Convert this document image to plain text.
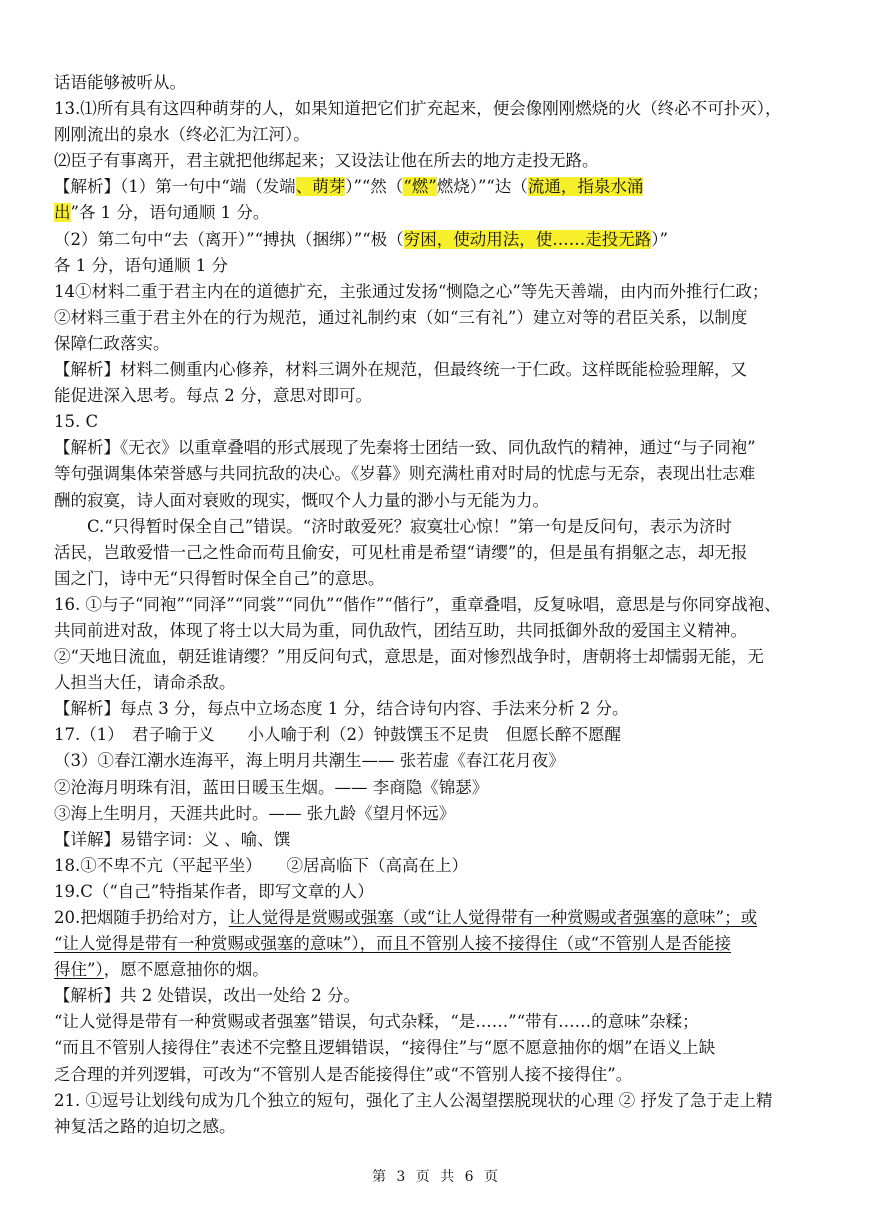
话语能够被听从。

13.⑴所有具有这四种萌芽的人，如果知道把它们扩充起来，便会像刚刚燃烧的火（终必不可扑灭），

刚刚流出的泉水（终必汇为江河）。

⑵臣子有事离开，君主就把他绑起来；又设法让他在所去的地方走投无路。

【解析】（1）第一句中“端（发端、萌芽）”“然（“燃”燃烧）”“达（流通，指泉水涌

出”各 1 分，语句通顺 1 分。

（2）第二句中“去（离开）”“搏执（捆绑）”“极（穷困，使动用法，使……走投无路）”

各 1 分，语句通顺 1 分

14①材料二重于君主内在的道德扩充，主张通过发扬“恻隐之心”等先天善端，由内而外推行仁政；

②材料三重于君主外在的行为规范，通过礼制约束（如“三有礼”）建立对等的君臣关系，以制度

保障仁政落实。

【解析】材料二侧重内心修养，材料三调外在规范，但最终统一于仁政。这样既能检验理解，又

能促进深入思考。每点 2 分，意思对即可。

15. C

【解析】《无衣》以重章叠唱的形式展现了先秦将士团结一致、同仇敌忾的精神，通过“与子同袍”

等句强调集体荣誉感与共同抗敌的决心。《岁暮》则充满杜甫对时局的忧虑与无奈，表现出壮志难

酬的寂寞，诗人面对衰败的现实，慨叹个人力量的渺小与无能为力。

C.“只得暂时保全自己”错误。“济时敢爱死？寂寞壮心惊！”第一句是反问句，表示为济时

活民，岂敢爱惜一己之性命而苟且偷安，可见杜甫是希望“请缨”的，但是虽有捐躯之志，却无报

国之门，诗中无“只得暂时保全自己”的意思。

16. ①与子“同袍”“同泽”“同裳”“同仇”“偕作”“偕行”，重章叠唱，反复咏唱，意思是与你同穿战袍、

共同前进对敌，体现了将士以大局为重，同仇敌忾，团结互助，共同抵御外敌的爱国主义精神。

②“天地日流血，朝廷谁请缨？”用反问句式，意思是，面对惨烈战争时，唐朝将士却懦弱无能，无

人担当大任，请命杀敌。

【解析】每点 3 分，每点中立场态度 1 分，结合诗句内容、手法来分析 2 分。

17.（1）　君子喻于义　　小人喻于利（2）钟鼓馔玉不足贵　但愿长醉不愿醒

（3）①春江潮水连海平，海上明月共潮生—— 张若虚《春江花月夜》

②沧海月明珠有泪，蓝田日暖玉生烟。—— 李商隐《锦瑟》

③海上生明月，天涯共此时。—— 张九龄《望月怀远》

【详解】易错字词：义 、喻、馔

18.①不卑不亢（平起平坐）　　②居高临下（高高在上）

19.C（“自己”特指某作者，即写文章的人）

20.把烟随手扔给对方，让人觉得是赏赐或强塞（或“让人觉得带有一种赏赐或者强塞的意味”；或

“让人觉得是带有一种赏赐或强塞的意味”），而且不管别人接不接得住（或“不管别人是否能接

得住”），愿不愿意抽你的烟。

【解析】共 2 处错误，改出一处给 2 分。

“让人觉得是带有一种赏赐或者强塞”错误，句式杂糅，“是……”“带有……的意味”杂糅；

“而且不管别人接得住”表述不完整且逻辑错误，“接得住”与“愿不愿意抽你的烟”在语义上缺

乏合理的并列逻辑，可改为“不管别人是否能接得住”或“不管别人接不接得住”。

21. ①逗号让划线句成为几个独立的短句，强化了主人公渴望摆脱现状的心理 ② 抒发了急于走上精

神复活之路的迫切之感。

第 3 页 共 6 页
